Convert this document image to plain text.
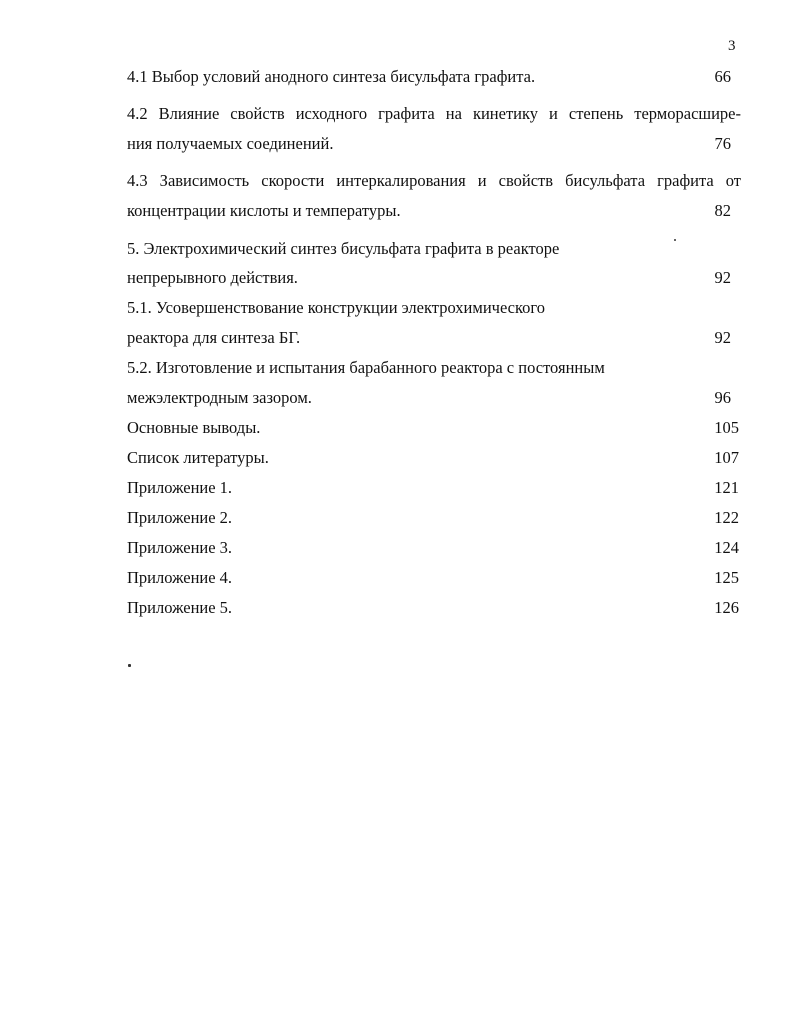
3
4.1 Выбор условий анодного синтеза бисульфата графита.	66
4.2 Влияние свойств исходного графита на кинетику и степень терморасшире-
ния получаемых соединений.	76
4.3 Зависимость скорости интеркалирования и свойств бисульфата графита от
концентрации кислоты и температуры.	82
5. Электрохимический синтез бисульфата графита в реакторе
непрерывного действия.	92
5.1. Усовершенствование конструкции электрохимического
реактора для синтеза БГ.	92
5.2. Изготовление и испытания барабанного реактора с постоянным
межэлектродным зазором.	96
Основные выводы.	105
Список литературы.	107
Приложение 1.	121
Приложение 2.	122
Приложение 3.	124
Приложение 4.	125
Приложение 5.	126
